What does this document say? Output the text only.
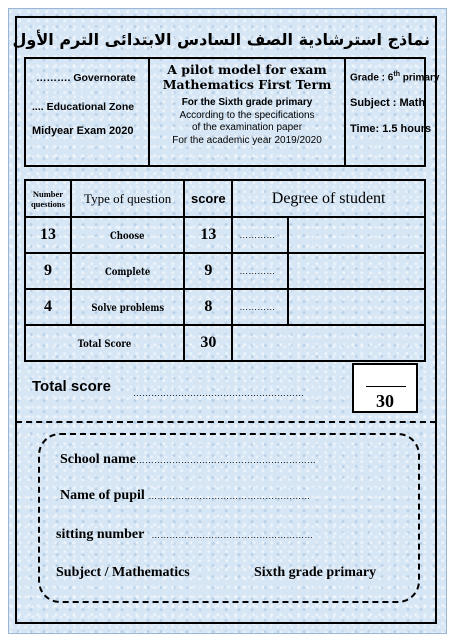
نماذج استرشادية الصف السادس الابتدائى الترم الأول
………. Governorate
.... Educational Zone
Midyear Exam 2020
A pilot model for exam
Mathematics First Term
For the Sixth grade primary
According to the specifications
of the examination paper
For the academic year 2019/2020
Grade : 6th primary
Subject : Math
Time: 1.5 hours
Number questions	Type of question	score	Degree of student	
13	Choose	13	…………	
9	Complete	9	…………	
4	Solve problems	8	…………	
Total Score		30		
Total score …………………………………………………	30
School name……………………………………………………
Name of pupil ………………………………………………
sitting number ………………………………………………
Subject / Mathematics	Sixth grade primary
